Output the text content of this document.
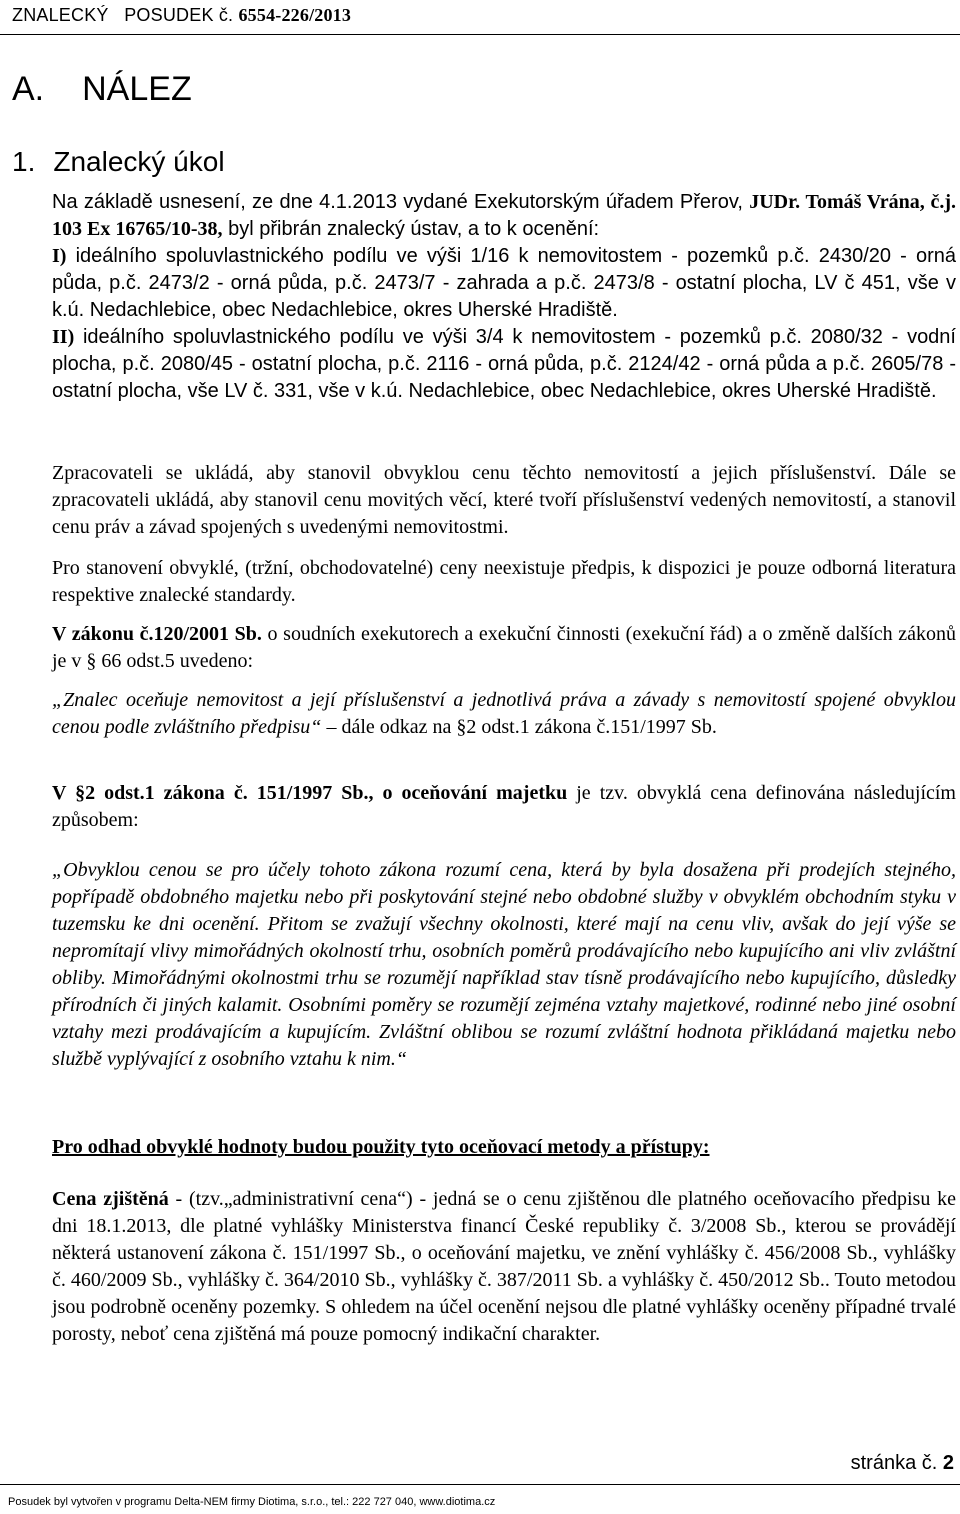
ZNALECKÝ   POSUDEK č. 6554-226/2013
A. NÁLEZ
1. Znalecký úkol

Na základě usnesení, ze dne 4.1.2013 vydané Exekutorským úřadem Přerov, JUDr. Tomáš Vrána, č.j. 103 Ex 16765/10-38, byl přibrán znalecký ústav, a to k ocenění:

I) ideálního spoluvlastnického podílu ve výši 1/16 k nemovitostem - pozemků p.č. 2430/20 - orná půda, p.č. 2473/2 - orná půda, p.č. 2473/7 - zahrada a p.č. 2473/8 - ostatní plocha, LV č 451, vše v k.ú. Nedachlebice, obec Nedachlebice, okres Uherské Hradiště.

II) ideálního spoluvlastnického podílu ve výši 3/4 k nemovitostem - pozemků p.č. 2080/32 - vodní plocha, p.č. 2080/45 - ostatní plocha, p.č. 2116 - orná půda, p.č. 2124/42 - orná půda a p.č. 2605/78 - ostatní plocha, vše LV č. 331, vše v k.ú. Nedachlebice, obec Nedachlebice, okres Uherské Hradiště.

Zpracovateli se ukládá, aby stanovil obvyklou cenu těchto nemovitostí a jejich příslušenství. Dále se zpracovateli ukládá, aby stanovil cenu movitých věcí, které tvoří příslušenství vedených nemovitostí, a stanovil cenu práv a závad spojených s uvedenými nemovitostmi.

Pro stanovení obvyklé, (tržní, obchodovatelné) ceny neexistuje předpis, k dispozici je pouze odborná literatura respektive znalecké standardy.

V zákonu č.120/2001 Sb. o soudních exekutorech a exekuční činnosti (exekuční řád) a o změně dalších zákonů je v § 66 odst.5 uvedeno:

„Znalec oceňuje nemovitost a její příslušenství a jednotlivá práva a závady s nemovitostí spojené obvyklou cenou podle zvláštního předpisu“ – dále odkaz na §2 odst.1 zákona č.151/1997 Sb.

V §2 odst.1 zákona č. 151/1997 Sb., o oceňování majetku je tzv. obvyklá cena definována následujícím způsobem:

„Obvyklou cenou se pro účely tohoto zákona rozumí cena, která by byla dosažena při prodejích stejného, popřípadě obdobného majetku nebo při poskytování stejné nebo obdobné služby v obvyklém obchodním styku v tuzemsku ke dni ocenění. Přitom se zvažují všechny okolnosti, které mají na cenu vliv, avšak do její výše se nepromítají vlivy mimořádných okolností trhu, osobních poměrů prodávajícího nebo kupujícího ani vliv zvláštní obliby. Mimořádnými okolnostmi trhu se rozumějí například stav tísně prodávajícího nebo kupujícího, důsledky přírodních či jiných kalamit. Osobními poměry se rozumějí zejména vztahy majetkové, rodinné nebo jiné osobní vztahy mezi prodávajícím a kupujícím. Zvláštní oblibou se rozumí zvláštní hodnota přikládaná majetku nebo službě vyplývající z osobního vztahu k nim.“

Pro odhad obvyklé hodnoty budou použity tyto oceňovací metody a přístupy:

Cena zjištěná - (tzv.„administrativní cena“) - jedná se o cenu zjištěnou dle platného oceňovacího předpisu ke dni 18.1.2013, dle platné vyhlášky Ministerstva financí České republiky č. 3/2008 Sb., kterou se provádějí některá ustanovení zákona č. 151/1997 Sb., o oceňování majetku, ve znění vyhlášky č. 456/2008 Sb., vyhlášky č. 460/2009 Sb., vyhlášky č. 364/2010 Sb., vyhlášky č. 387/2011 Sb. a vyhlášky č. 450/2012 Sb.. Touto metodou jsou podrobně oceněny pozemky. S ohledem na účel ocenění nejsou dle platné vyhlášky oceněny případné trvalé porosty, neboť cena zjištěná má pouze pomocný indikační charakter.

stránka č. 2
Posudek byl vytvořen v programu Delta-NEM firmy Diotima, s.r.o., tel.: 222 727 040, www.diotima.cz
